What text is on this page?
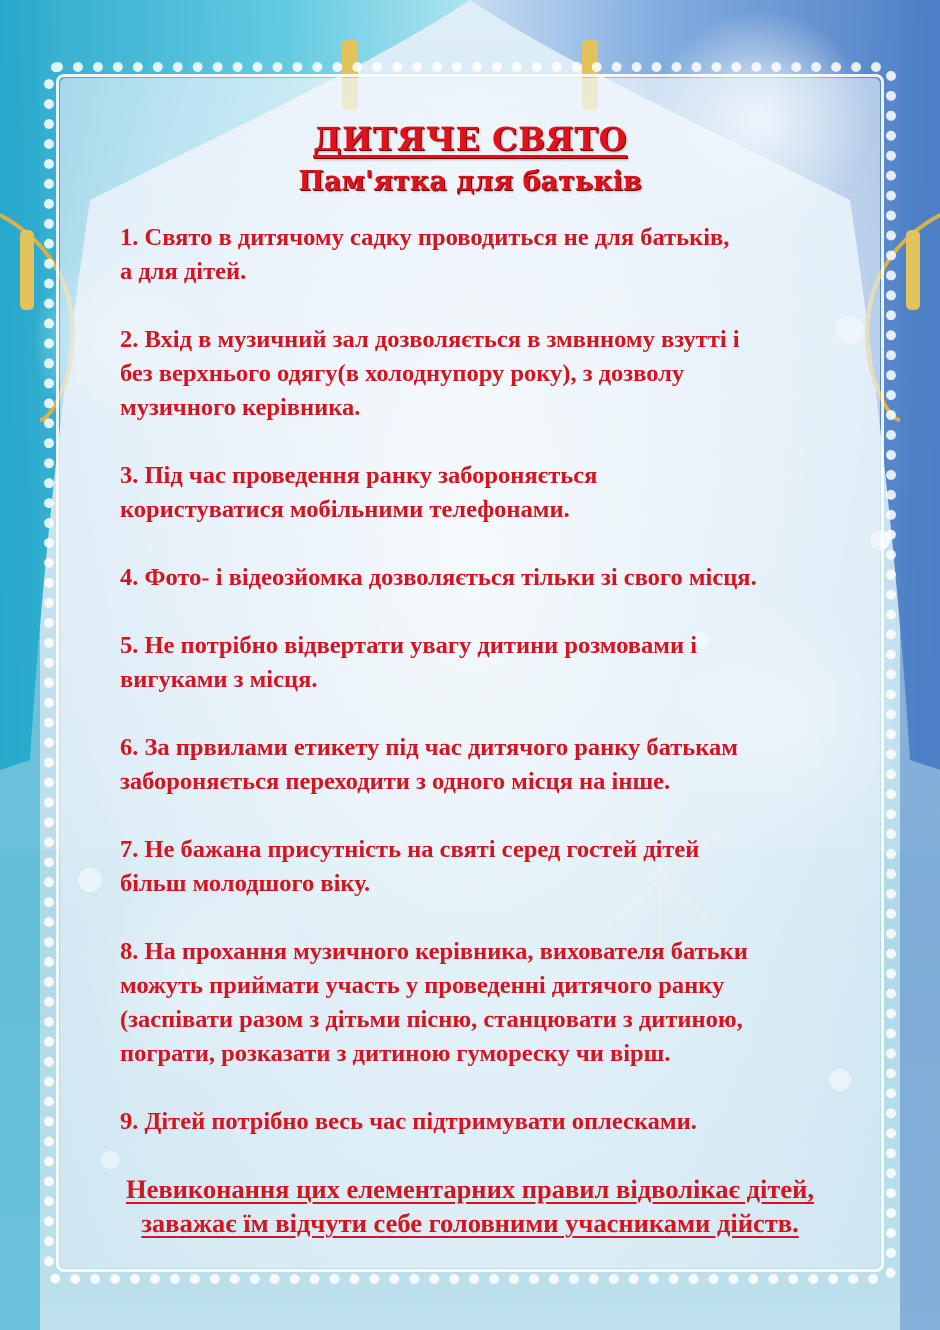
ДИТЯЧЕ СВЯТО
Пам'ятка для батьків
1. Свято в дитячому садку проводиться не для батьків,
а для дітей.
2. Вхід в музичний зал дозволяється в змвнному взутті і
без верхнього одягу(в холоднупору року), з дозволу
музичного керівника.
3. Під час проведення ранку забороняється
користуватися мобільними телефонами.
4. Фото- і відеозйомка дозволяється тільки зі свого місця.
5. Не потрібно відвертати увагу дитини розмовами і
вигуками з місця.
6. За првилами етикету під час дитячого ранку батькам
забороняється переходити з одного місця на інше.
7. Не бажана присутність на святі серед гостей дітей
більш молодшого віку.
8. На прохання музичного керівника, вихователя батьки
можуть приймати участь у проведенні дитячого ранку
(заспівати разом з дітьми пісню, станцювати з дитиною,
пограти, розказати з дитиною гумореску чи вірш.
9. Дітей потрібно весь час підтримувати оплесками.
Невиконання цих елементарних правил відволікає дітей,
заважає їм відчути себе головними учасниками дійств.
